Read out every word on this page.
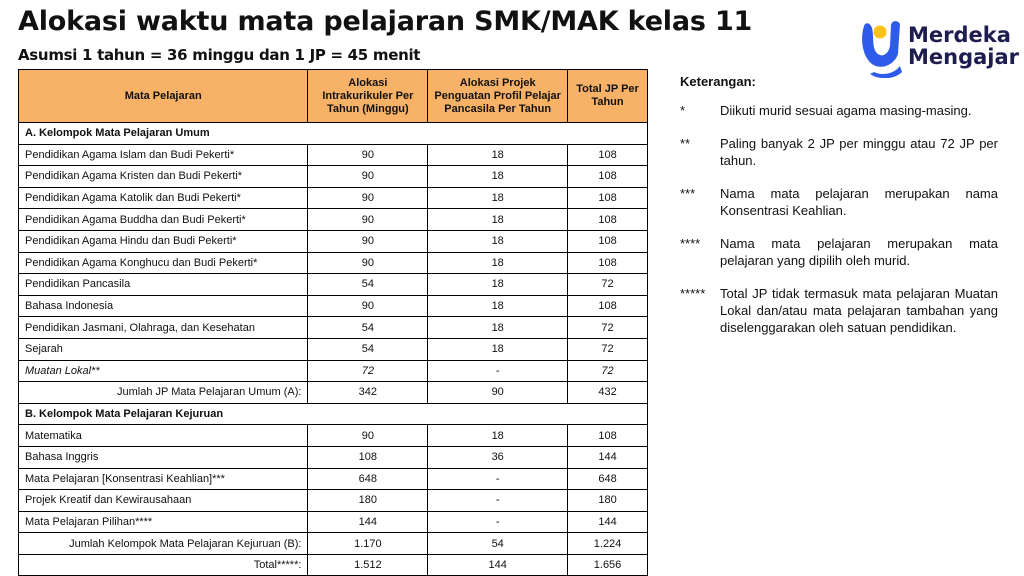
Alokasi waktu mata pelajaran SMK/MAK kelas 11
Asumsi 1 tahun = 36 minggu dan 1 JP = 45 menit
Merdeka
Mengajar
Mata Pelajaran	Alokasi Intrakurikuler Per Tahun (Minggu)	Alokasi Projek Penguatan Profil Pelajar Pancasila Per Tahun	Total JP Per Tahun
A. Kelompok Mata Pelajaran Umum			
Pendidikan Agama Islam dan Budi Pekerti*	90	18	108
Pendidikan Agama Kristen dan Budi Pekerti*	90	18	108
Pendidikan Agama Katolik dan Budi Pekerti*	90	18	108
Pendidikan Agama Buddha dan Budi Pekerti*	90	18	108
Pendidikan Agama Hindu dan Budi Pekerti*	90	18	108
Pendidikan Agama Konghucu dan Budi Pekerti*	90	18	108
Pendidikan Pancasila	54	18	72
Bahasa Indonesia	90	18	108
Pendidikan Jasmani, Olahraga, dan Kesehatan	54	18	72
Sejarah	54	18	72
Muatan Lokal**	72	-	72
Jumlah JP Mata Pelajaran Umum (A):	342	90	432
B. Kelompok Mata Pelajaran Kejuruan			
Matematika	90	18	108
Bahasa Inggris	108	36	144
Mata Pelajaran [Konsentrasi Keahlian]***	648	-	648
Projek Kreatif dan Kewirausahaan	180	-	180
Mata Pelajaran Pilihan****	144	-	144
Jumlah Kelompok Mata Pelajaran Kejuruan (B):	1.170	54	1.224
Total*****:	1.512	144	1.656
Keterangan:
*	Diikuti murid sesuai agama masing-masing.
**	Paling banyak 2 JP per minggu atau 72 JP per tahun.
***	Nama mata pelajaran merupakan nama Konsentrasi Keahlian.
****	Nama mata pelajaran merupakan mata pelajaran yang dipilih oleh murid.
*****	Total JP tidak termasuk mata pelajaran Muatan Lokal dan/atau mata pelajaran tambahan yang diselenggarakan oleh satuan pendidikan.
